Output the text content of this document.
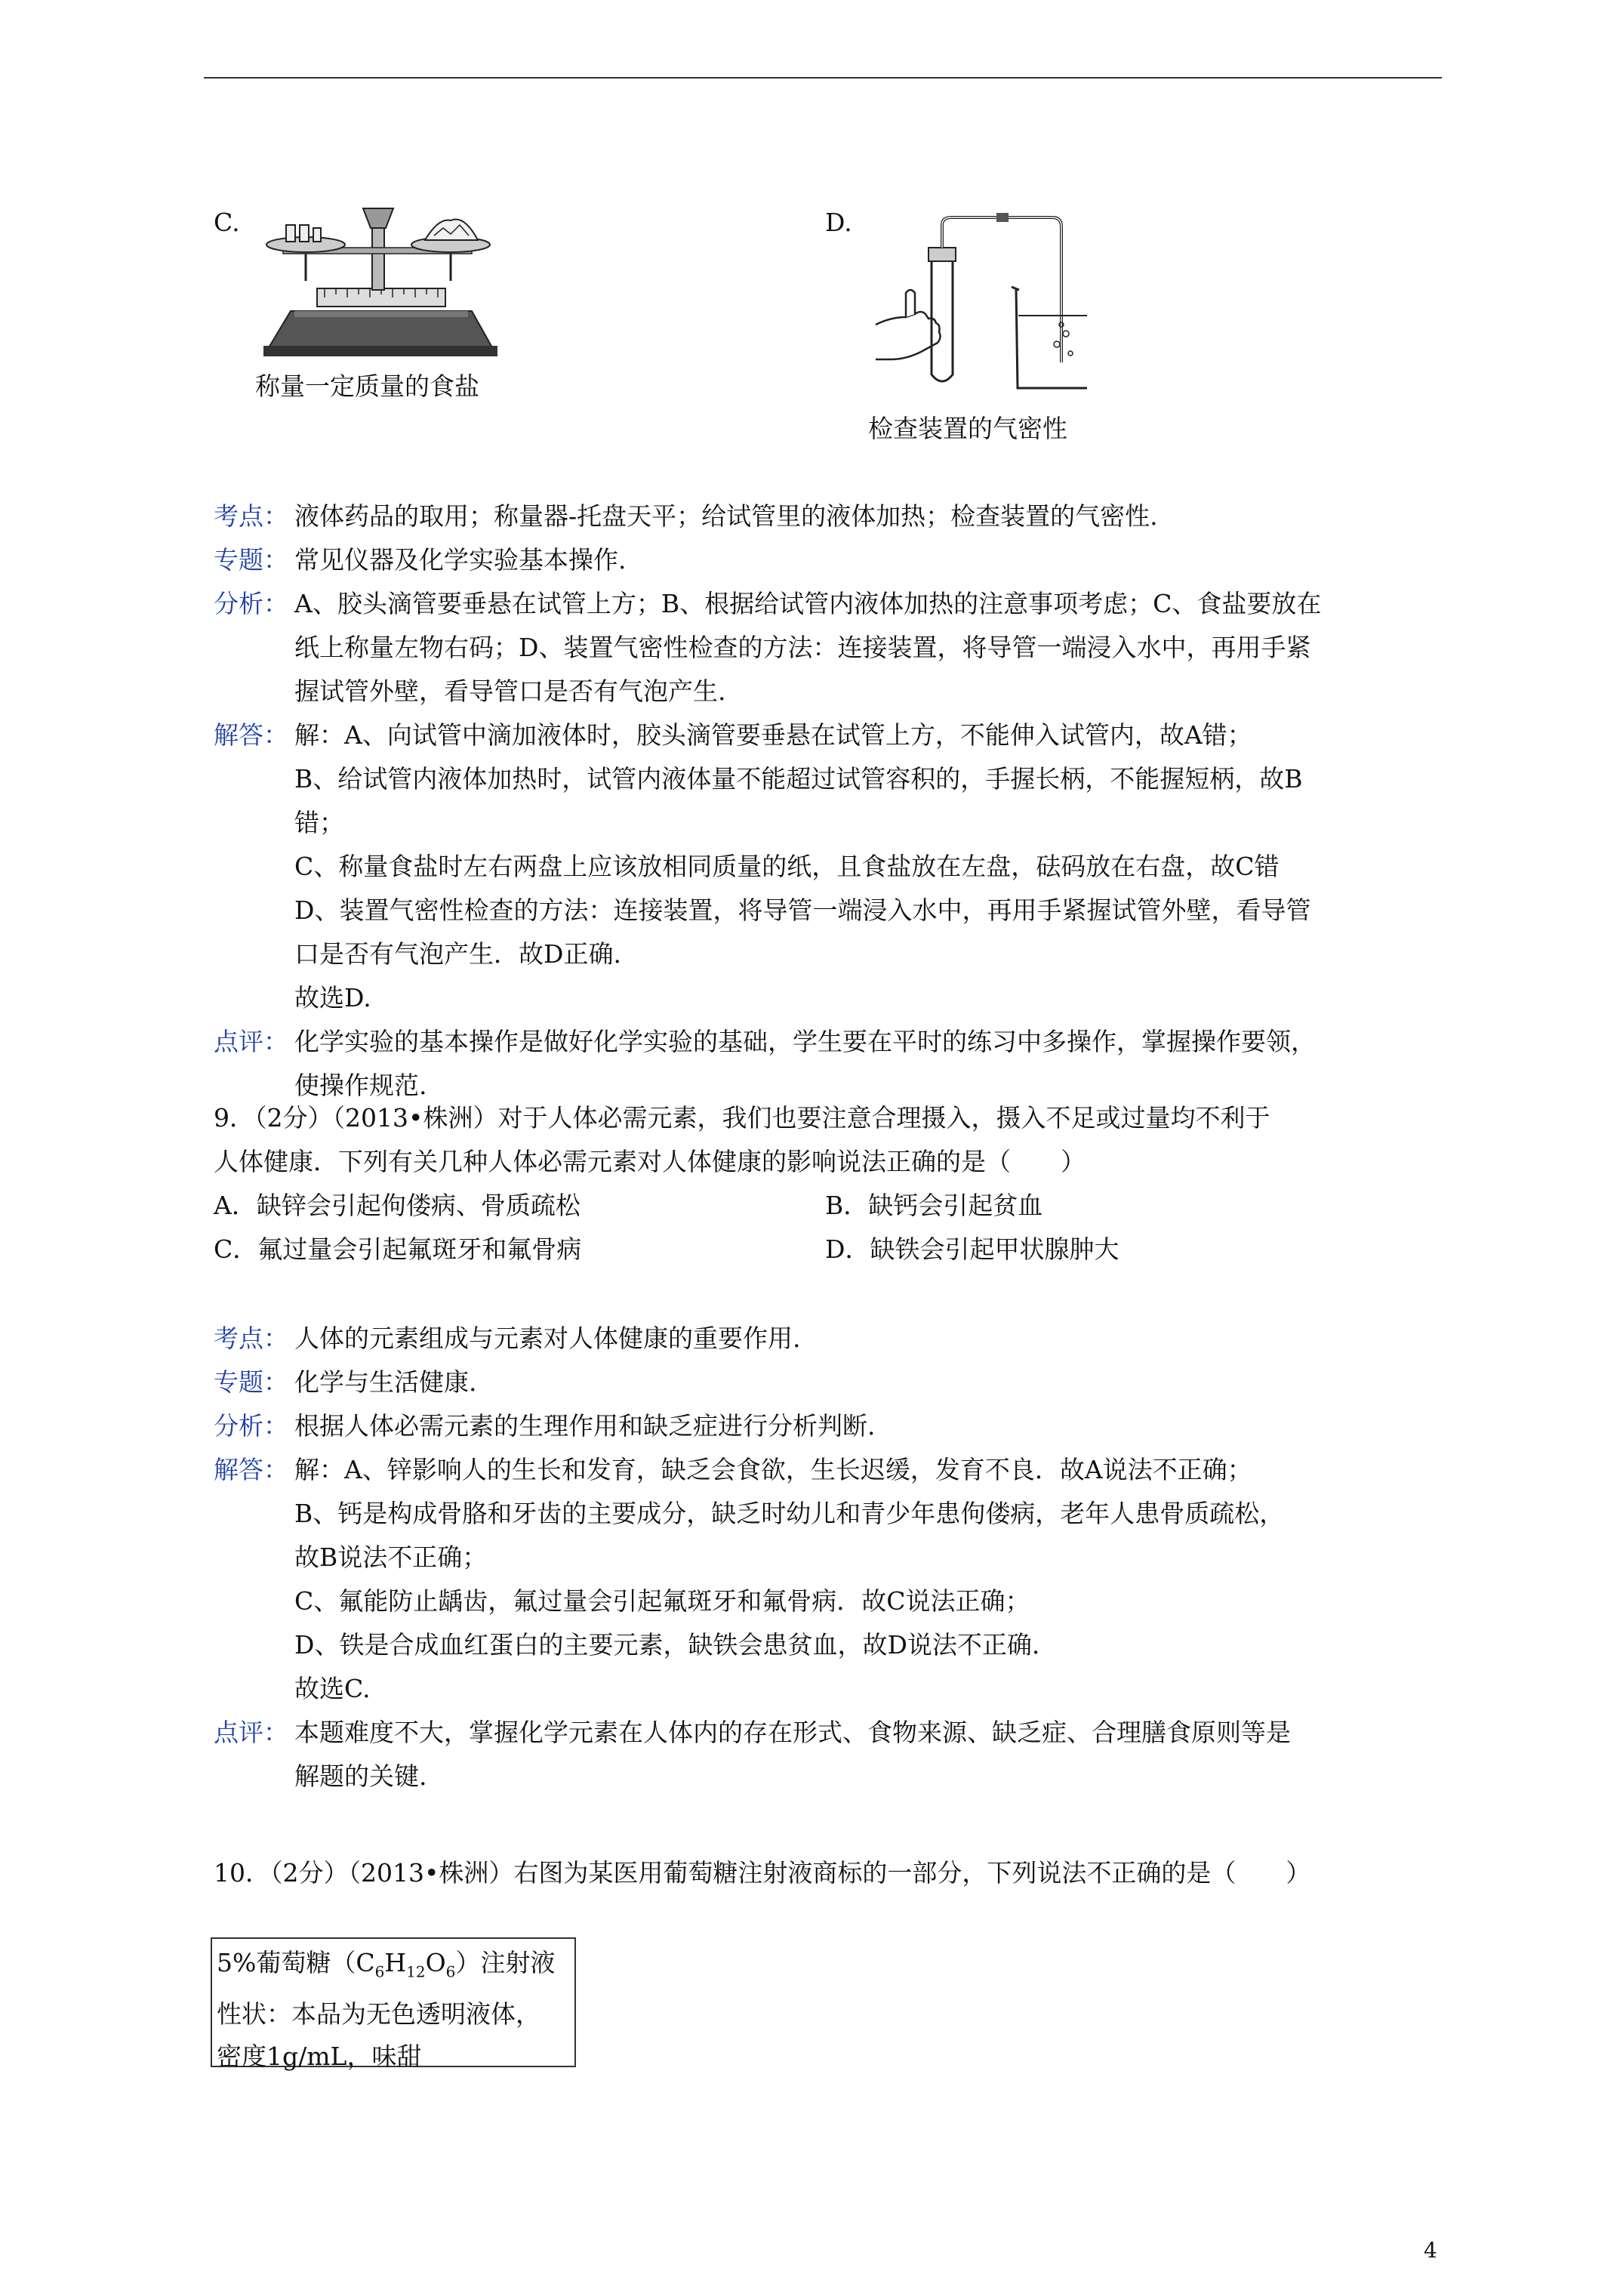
C.
称量一定质量的食盐
D.
检查装置的气密性
考点： 液体药品的取用；称量器-托盘天平；给试管里的液体加热；检查装置的气密性.
专题： 常见仪器及化学实验基本操作.
分析： A、胶头滴管要垂悬在试管上方；B、根据给试管内液体加热的注意事项考虑；C、食盐要放在
纸上称量左物右码；D、装置气密性检查的方法：连接装置，将导管一端浸入水中，再用手紧
握试管外壁，看导管口是否有气泡产生.
解答： 解：A、向试管中滴加液体时，胶头滴管要垂悬在试管上方，不能伸入试管内，故A错；
B、给试管内液体加热时，试管内液体量不能超过试管容积的，手握长柄，不能握短柄，故B
错；
C、称量食盐时左右两盘上应该放相同质量的纸，且食盐放在左盘，砝码放在右盘，故C错
D、装置气密性检查的方法：连接装置，将导管一端浸入水中，再用手紧握试管外壁，看导管
口是否有气泡产生．故D正确.
故选D.
点评： 化学实验的基本操作是做好化学实验的基础，学生要在平时的练习中多操作，掌握操作要领，
使操作规范.
9．（2分）（2013•株洲）对于人体必需元素，我们也要注意合理摄入，摄入不足或过量均不利于
人体健康．下列有关几种人体必需元素对人体健康的影响说法正确的是（　　）
A．缺锌会引起佝偻病、骨质疏松	B．缺钙会引起贫血
C．氟过量会引起氟斑牙和氟骨病	D．缺铁会引起甲状腺肿大
考点： 人体的元素组成与元素对人体健康的重要作用.
专题： 化学与生活健康.
分析： 根据人体必需元素的生理作用和缺乏症进行分析判断.
解答： 解：A、锌影响人的生长和发育，缺乏会食欲，生长迟缓，发育不良．故A说法不正确；
B、钙是构成骨胳和牙齿的主要成分，缺乏时幼儿和青少年患佝偻病，老年人患骨质疏松，
故B说法不正确；
C、氟能防止龋齿，氟过量会引起氟斑牙和氟骨病．故C说法正确；
D、铁是合成血红蛋白的主要元素，缺铁会患贫血，故D说法不正确.
故选C.
点评： 本题难度不大，掌握化学元素在人体内的存在形式、食物来源、缺乏症、合理膳食原则等是
解题的关键.
10．（2分）（2013•株洲）右图为某医用葡萄糖注射液商标的一部分，下列说法不正确的是（　　）
5%葡萄糖$(C_6H_{12}O_6)$注射液
性状：本品为无色透明液体，
密度1g/mL，味甜
4
